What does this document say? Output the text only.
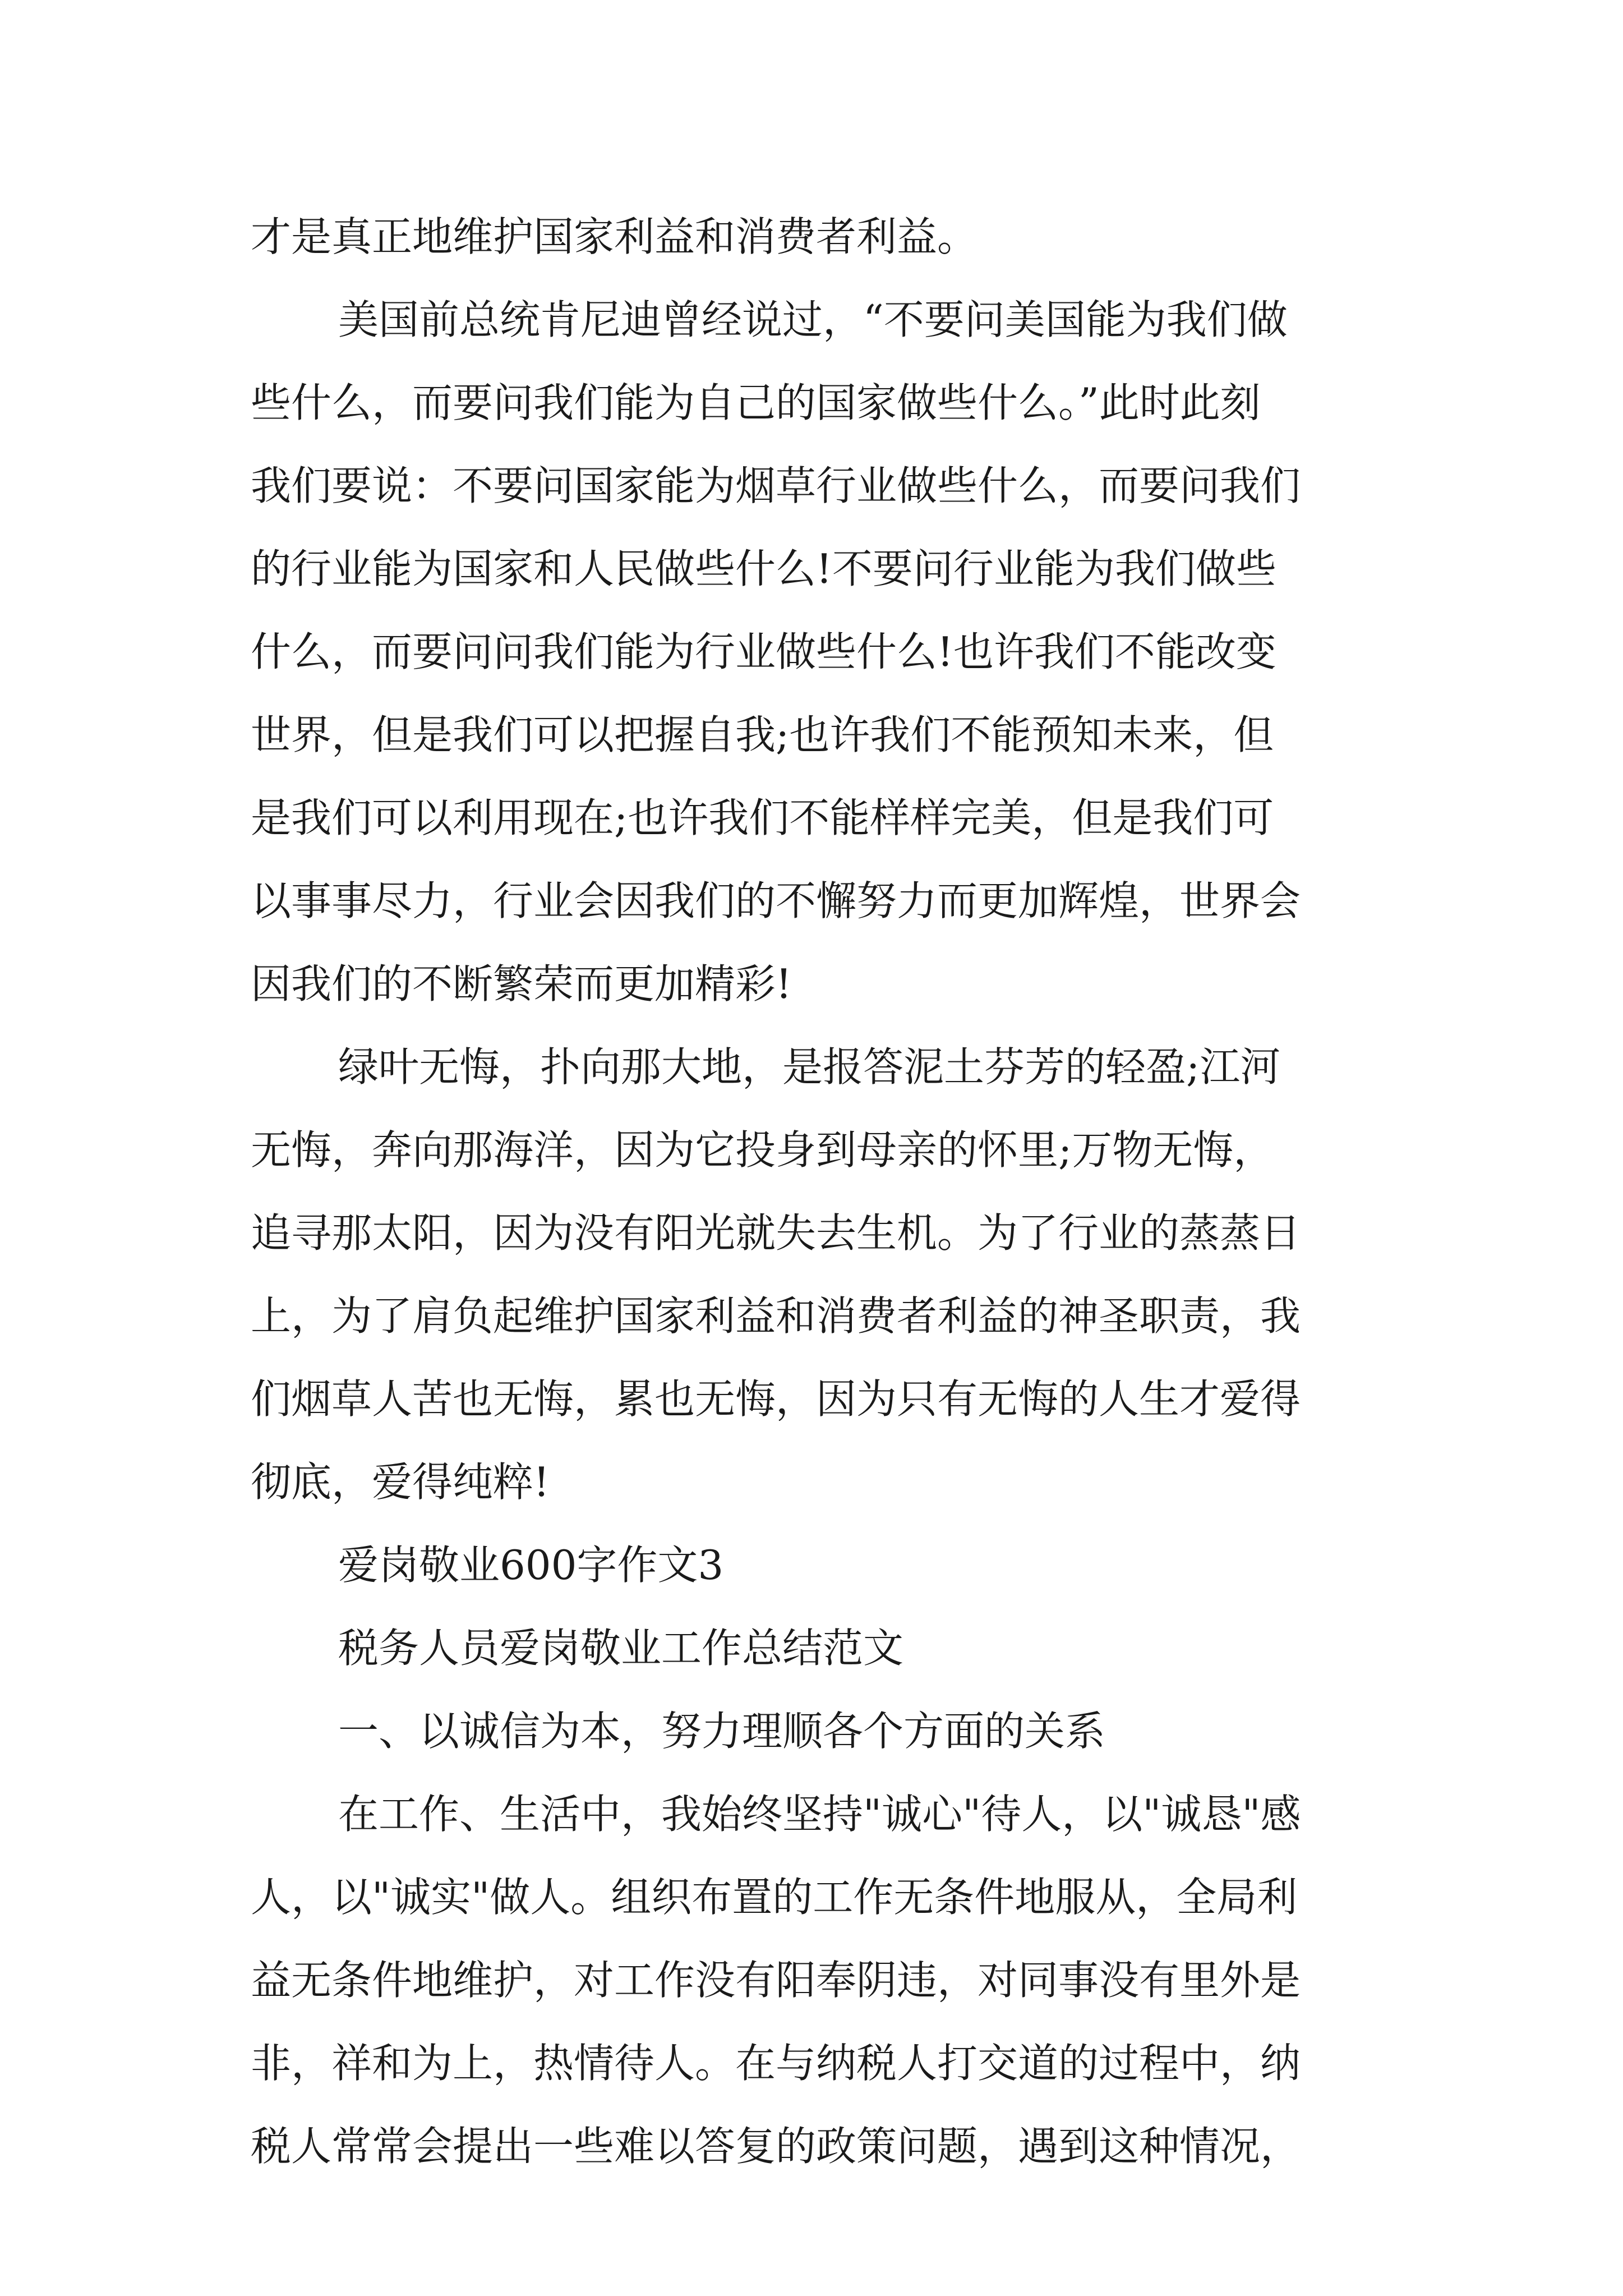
才是真正地维护国家利益和消费者利益。

美国前总统肯尼迪曾经说过，“不要问美国能为我们做

些什么，而要问我们能为自己的国家做些什么。”此时此刻

我们要说：不要问国家能为烟草行业做些什么，而要问我们

的行业能为国家和人民做些什么!不要问行业能为我们做些

什么，而要问问我们能为行业做些什么!也许我们不能改变

世界，但是我们可以把握自我;也许我们不能预知未来，但

是我们可以利用现在;也许我们不能样样完美，但是我们可

以事事尽力，行业会因我们的不懈努力而更加辉煌，世界会

因我们的不断繁荣而更加精彩!

绿叶无悔，扑向那大地，是报答泥土芬芳的轻盈;江河

无悔，奔向那海洋，因为它投身到母亲的怀里;万物无悔，

追寻那太阳，因为没有阳光就失去生机。为了行业的蒸蒸日

上，为了肩负起维护国家利益和消费者利益的神圣职责，我

们烟草人苦也无悔，累也无悔，因为只有无悔的人生才爱得

彻底，爱得纯粹!

爱岗敬业600字作文3

税务人员爱岗敬业工作总结范文

一、以诚信为本，努力理顺各个方面的关系

在工作、生活中，我始终坚持"诚心"待人，以"诚恳"感

人，以"诚实"做人。组织布置的工作无条件地服从，全局利

益无条件地维护，对工作没有阳奉阴违，对同事没有里外是

非，祥和为上，热情待人。在与纳税人打交道的过程中，纳

税人常常会提出一些难以答复的政策问题，遇到这种情况，
